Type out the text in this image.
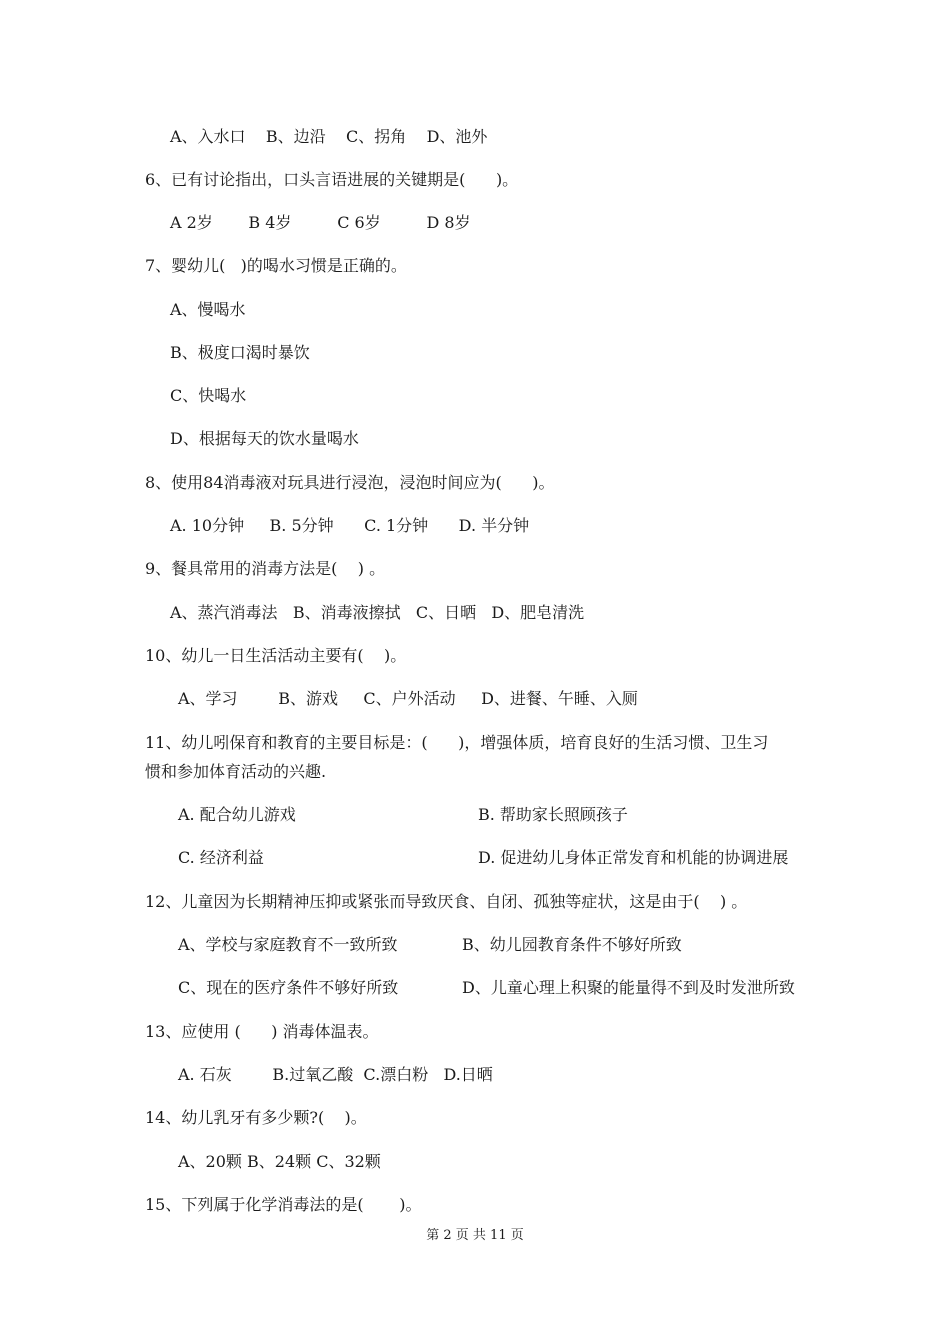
A、入水口    B、边沿    C、拐角    D、池外
6、已有讨论指出，口头言语进展的关键期是(      )。
A 2岁       B 4岁         C 6岁         D 8岁
7、婴幼儿(   )的喝水习惯是正确的。
A、慢喝水
B、极度口渴时暴饮
C、快喝水
D、根据每天的饮水量喝水
8、使用84消毒液对玩具进行浸泡，浸泡时间应为(      )。
A. 10分钟     B. 5分钟      C. 1分钟      D. 半分钟
9、餐具常用的消毒方法是(    ) 。
A、蒸汽消毒法   B、消毒液擦拭   C、日晒   D、肥皂清洗
10、幼儿一日生活活动主要有(    )。
A、学习        B、游戏     C、户外活动     D、进餐、午睡、入厕
11、幼儿吲保育和教育的主要目标是：(      )，增强体质，培育良好的生活习惯、卫生习
惯和参加体育活动的兴趣.
A. 配合幼儿游戏	B. 帮助家长照顾孩子
C. 经济利益	D. 促进幼儿身体正常发育和机能的协调进展
12、儿童因为长期精神压抑或紧张而导致厌食、自闭、孤独等症状，这是由于(    ) 。
A、学校与家庭教育不一致所致	B、幼儿园教育条件不够好所致
C、现在的医疗条件不够好所致	D、儿童心理上积聚的能量得不到及时发泄所致
13、应使用 (      ) 消毒体温表。
A. 石灰        B.过氧乙酸  C.漂白粉   D.日晒
14、幼儿乳牙有多少颗?(    )。
A、20颗 B、24颗 C、32颗
15、下列属于化学消毒法的是(       )。
第 2 页 共 11 页
